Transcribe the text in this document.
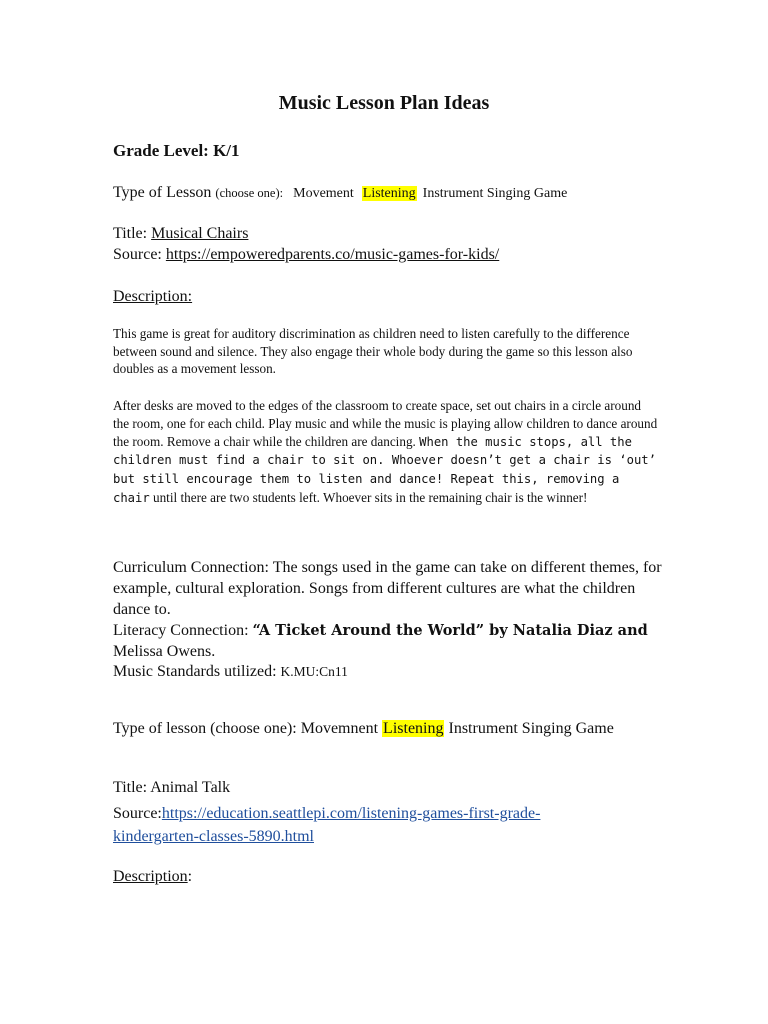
Music Lesson Plan Ideas
Grade Level: K/1
Type of Lesson (choose one): Movement Listening Instrument Singing Game
Title: Musical Chairs
Source: https://empoweredparents.co/music-games-for-kids/
Description:
This game is great for auditory discrimination as children need to listen carefully to the difference between sound and silence. They also engage their whole body during the game so this lesson also doubles as a movement lesson.
After desks are moved to the edges of the classroom to create space, set out chairs in a circle around the room, one for each child. Play music and while the music is playing allow children to dance around the room. Remove a chair while the children are dancing. When the music stops, all the children must find a chair to sit on. Whoever doesn’t get a chair is ‘out’ but still encourage them to listen and dance! Repeat this, removing a chair until there are two students left. Whoever sits in the remaining chair is the winner!
Curriculum Connection: The songs used in the game can take on different themes, for example, cultural exploration. Songs from different cultures are what the children dance to.
Literacy Connection: “A Ticket Around the World” by Natalia Diaz and
Melissa Owens.
Music Standards utilized: K.MU:Cn11
Type of lesson (choose one): Movemnent Listening Instrument Singing Game
Title: Animal Talk
Source:https://education.seattlepi.com/listening-games-first-grade-
kindergarten-classes-5890.html
Description:
